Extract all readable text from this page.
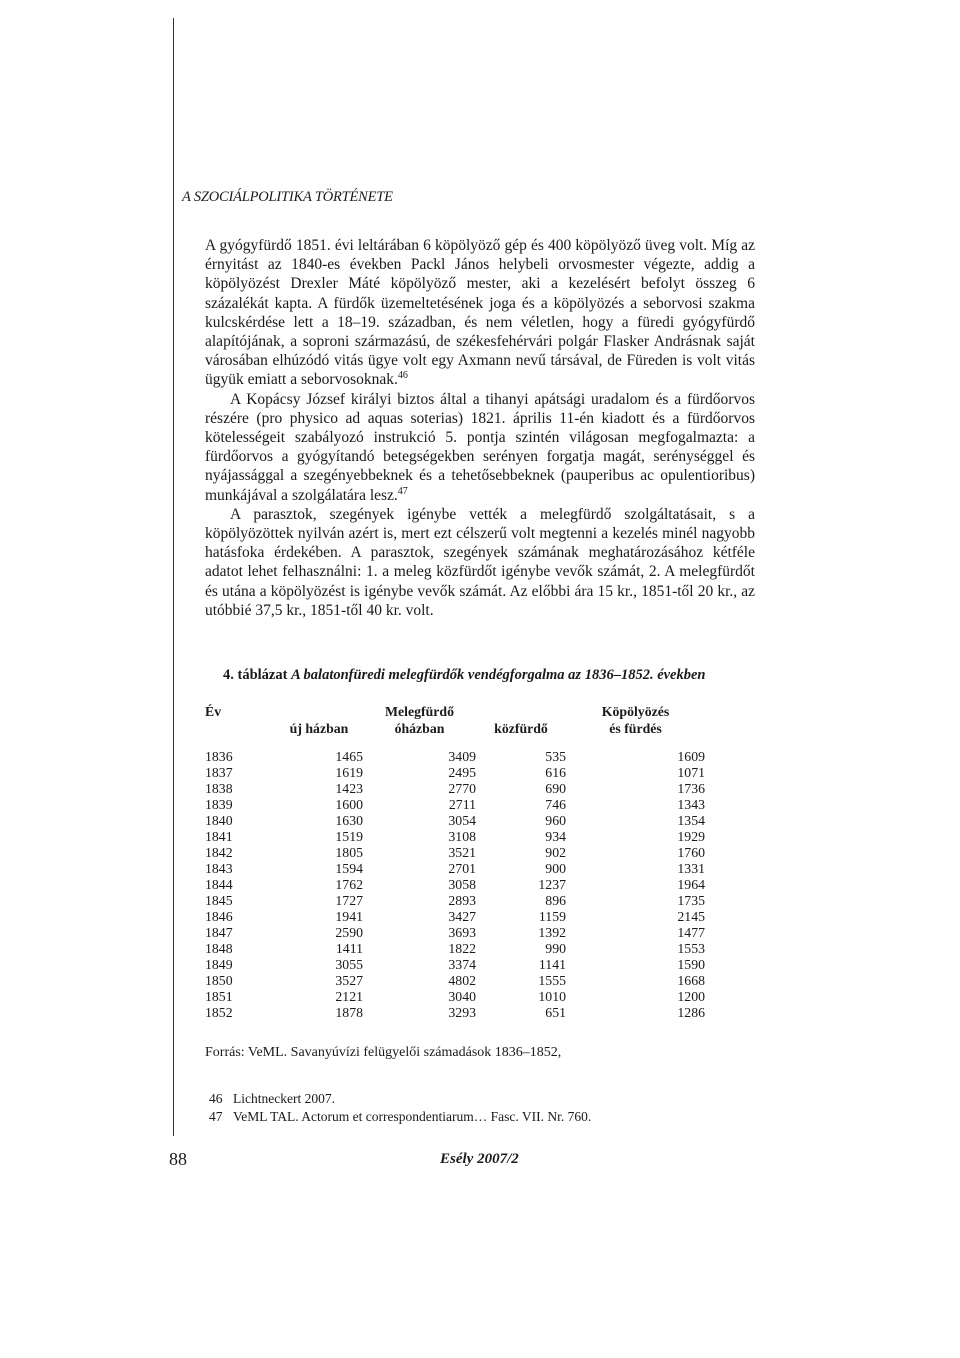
A SZOCIÁLPOLITIKA TÖRTÉNETE

A gyógyfürdő 1851. évi leltárában 6 köpölyöző gép és 400 köpölyöző üveg volt. Míg az érnyitást az 1840-es években Packl János helybeli orvosmester végezte, addig a köpölyözést Drexler Máté köpölyöző mester, aki a kezelésért befolyt összeg 6 százalékát kapta. A fürdők üzemeltetésének joga és a köpölyözés a seborvosi szakma kulcskérdése lett a 18–19. században, és nem véletlen, hogy a füredi gyógyfürdő alapítójának, a soproni származású, de székesfehérvári polgár Flasker Andrásnak saját városában elhúzódó vitás ügye volt egy Axmann nevű társával, de Füreden is volt vitás ügyük emiatt a seborvosoknak.$^{46}$

A Kopácsy József királyi biztos által a tihanyi apátsági uradalom és a fürdőorvos részére (pro physico ad aquas soterias) 1821. április 11-én kiadott és a fürdőorvos kötelességeit szabályozó instrukció 5. pontja szintén világosan megfogalmazta: a fürdőorvos a gyógyítandó betegségekben serényen forgatja magát, serénységgel és nyájassággal a szegényebbeknek és a tehetősebbeknek (pauperibus ac opulentioribus) munkájával a szolgálatára lesz.$^{47}$

A parasztok, szegények igénybe vették a melegfürdő szolgáltatásait, s a köpölyözöttek nyilván azért is, mert ezt célszerű volt megtenni a kezelés minél nagyobb hatásfoka érdekében. A parasztok, szegények számának meghatározásához kétféle adatot lehet felhasználni: 1. a meleg közfürdőt igénybe vevők számát, 2. A melegfürdőt és utána a köpölyözést is igénybe vevők számát. Az előbbi ára 15 kr., 1851-től 20 kr., az utóbbié 37,5 kr., 1851-től 40 kr. volt.

4. táblázat A balatonfüredi melegfürdők vendégforgalma az 1836–1852. években
Év		Melegfürdő		Köpölyözés
	új házban	óházban	közfürdő	és fürdés

1836	1465	3409	535	1609
1837	1619	2495	616	1071
1838	1423	2770	690	1736
1839	1600	2711	746	1343
1840	1630	3054	960	1354
1841	1519	3108	934	1929
1842	1805	3521	902	1760
1843	1594	2701	900	1331
1844	1762	3058	1237	1964
1845	1727	2893	896	1735
1846	1941	3427	1159	2145
1847	2590	3693	1392	1477
1848	1411	1822	990	1553
1849	3055	3374	1141	1590
1850	3527	4802	1555	1668
1851	2121	3040	1010	1200
1852	1878	3293	651	1286
Forrás: VeML. Savanyúvízi felügyelői számadások 1836–1852,
46 Lichtneckert 2007.
47 VeML TAL. Actorum et correspondentiarum… Fasc. VII. Nr. 760.
88	Esély 2007/2
